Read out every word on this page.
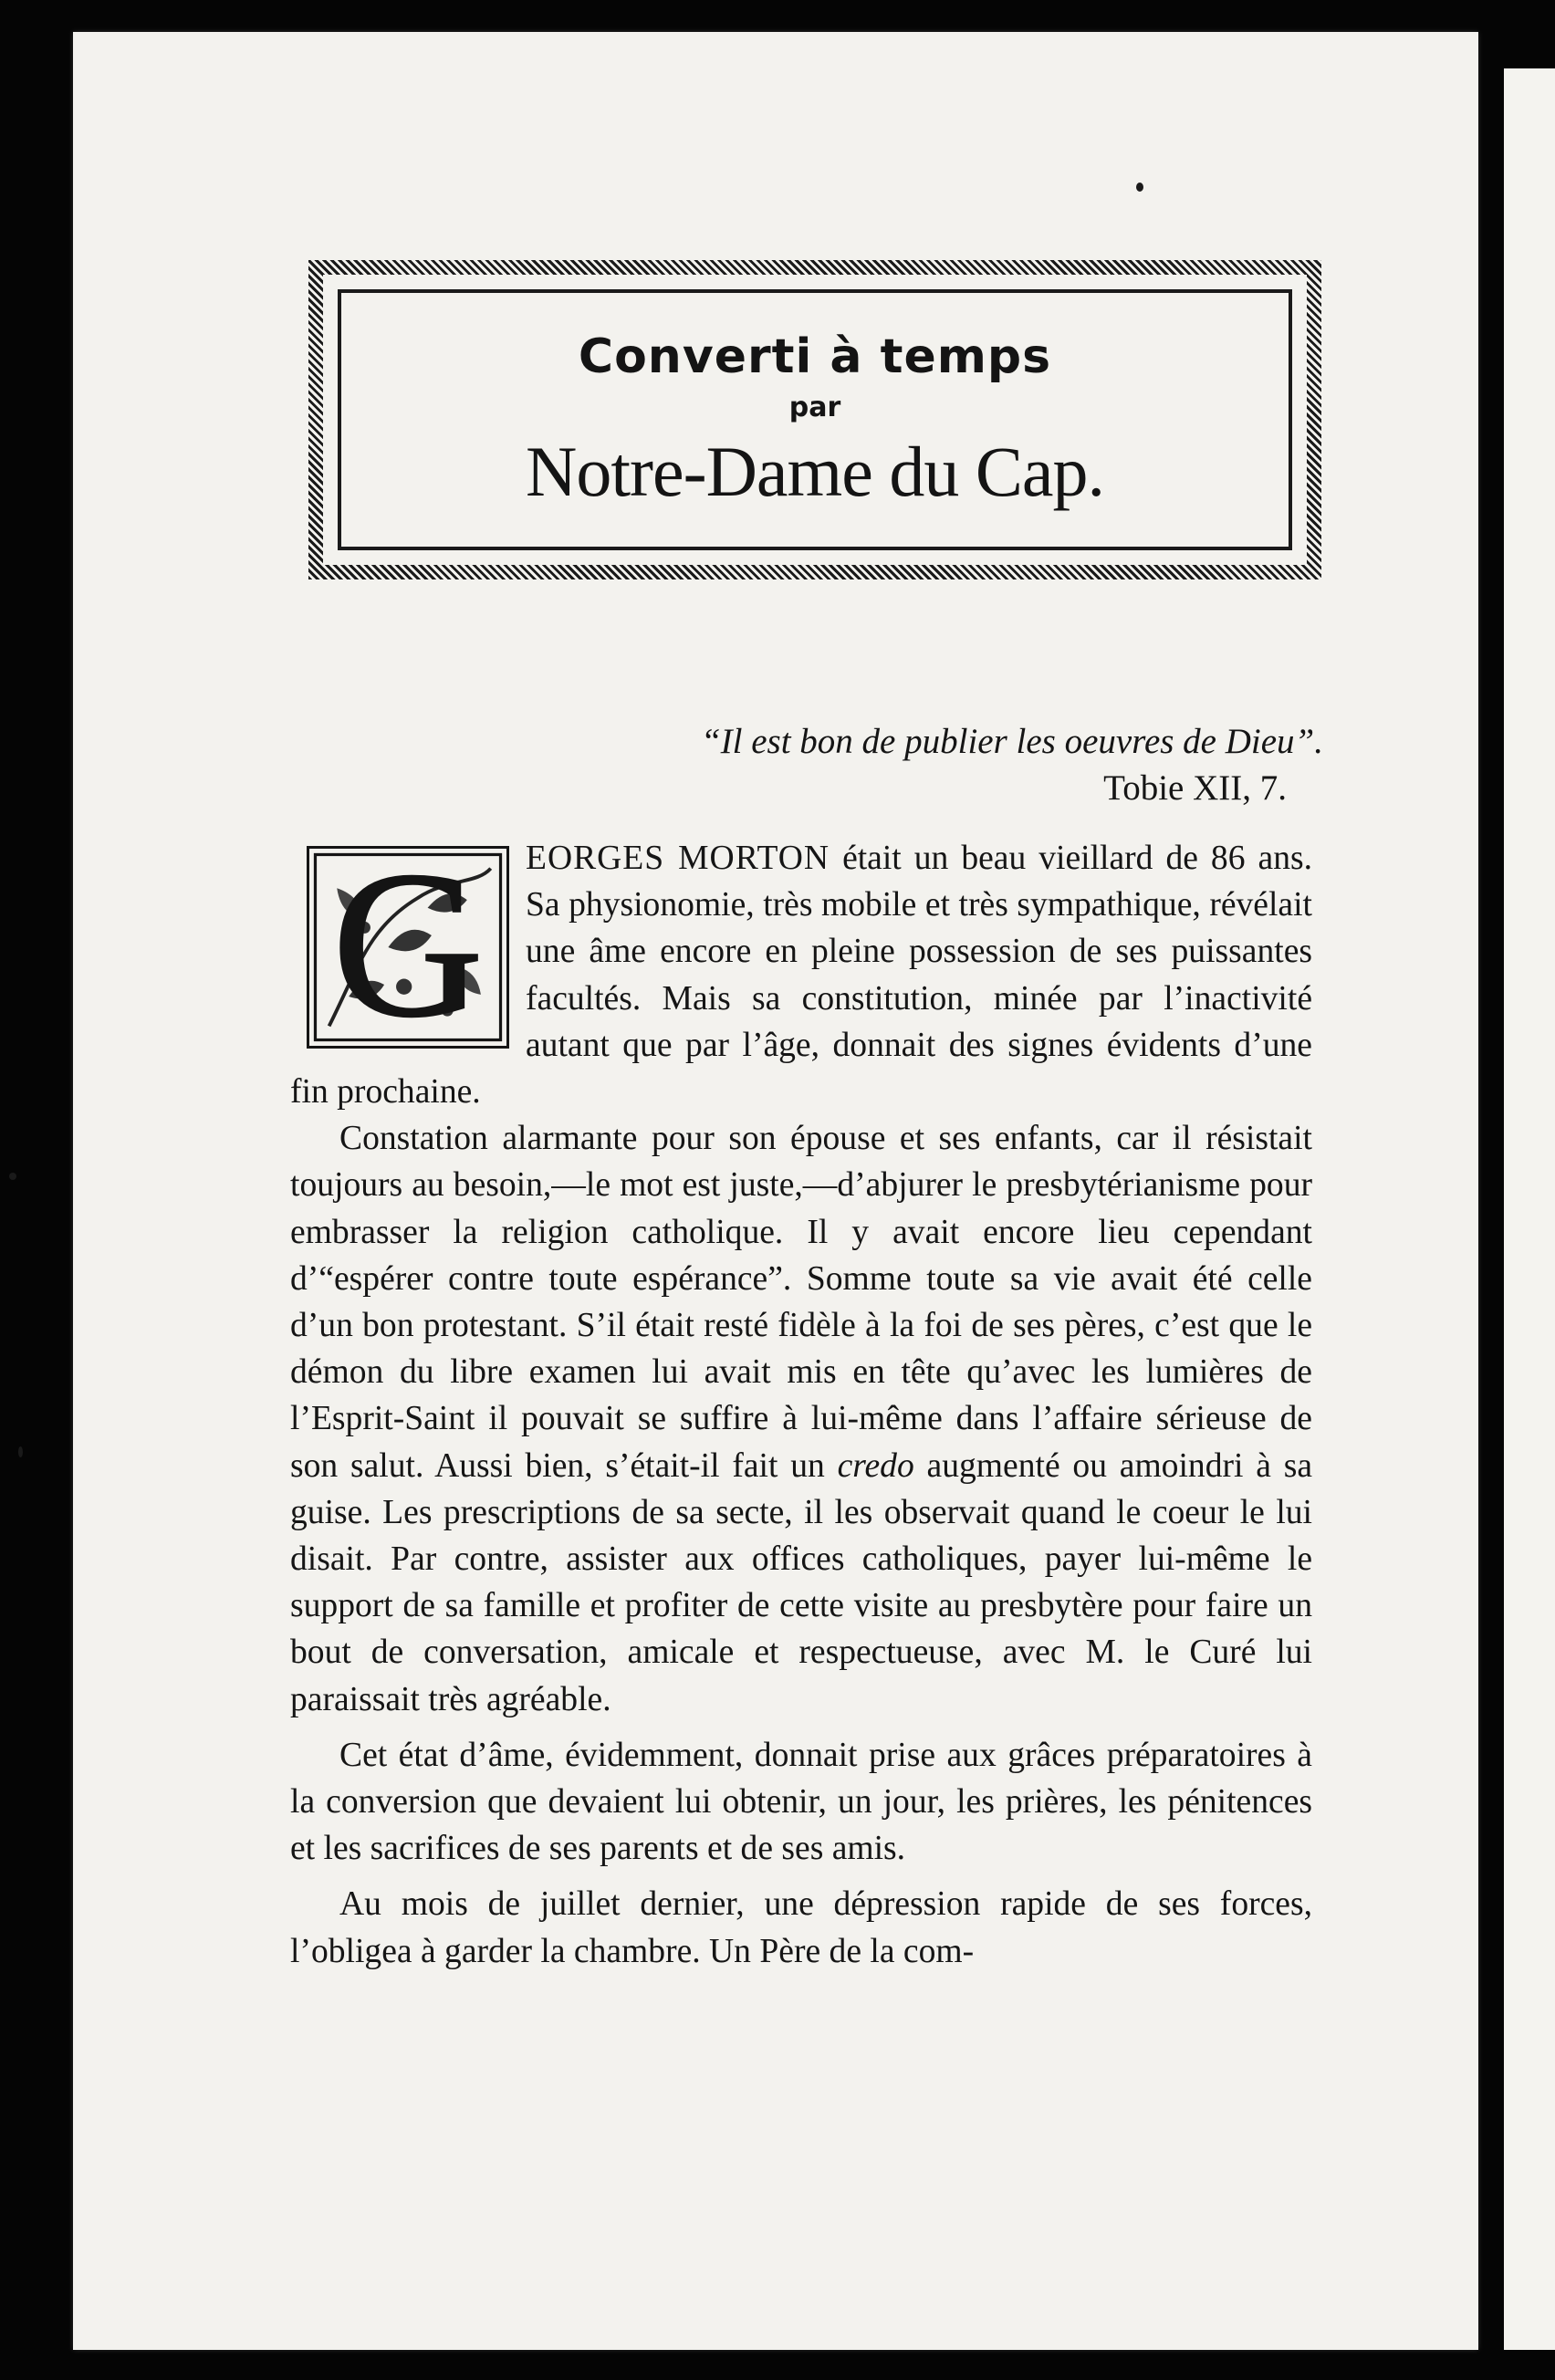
Converti à temps
par
Notre-Dame du Cap.
“Il est bon de publier les oeuvres de Dieu”.
Tobie XII, 7.

G	EORGES MORTON était un beau vieillard de 86 ans. Sa physionomie, très mobile et très sympathique, révélait une âme encore en pleine possession de ses puissantes facultés. Mais sa constitution, minée par l’inactivité autant que par l’âge, donnait des signes évidents d’une fin prochaine.

Constation alarmante pour son épouse et ses enfants, car il résistait toujours au besoin,—le mot est juste,—d’abjurer le presbytérianisme pour embrasser la religion catholique. Il y avait encore lieu cependant d’“espérer contre toute espérance”. Somme toute sa vie avait été celle d’un bon protestant. S’il était resté fidèle à la foi de ses pères, c’est que le démon du libre examen lui avait mis en tête qu’avec les lumières de l’Esprit-Saint il pouvait se suffire à lui-même dans l’affaire sérieuse de son salut. Aussi bien, s’était-il fait un credo augmenté ou amoindri à sa guise. Les prescriptions de sa secte, il les observait quand le coeur le lui disait. Par contre, assister aux offices catholiques, payer lui-même le support de sa famille et profiter de cette visite au presbytère pour faire un bout de conversation, amicale et respectueuse, avec M. le Curé lui paraissait très agréable.

Cet état d’âme, évidemment, donnait prise aux grâces préparatoires à la conversion que devaient lui obtenir, un jour, les prières, les pénitences et les sacrifices de ses parents et de ses amis.

Au mois de juillet dernier, une dépression rapide de ses forces, l’obligea à garder la chambre. Un Père de la com-
